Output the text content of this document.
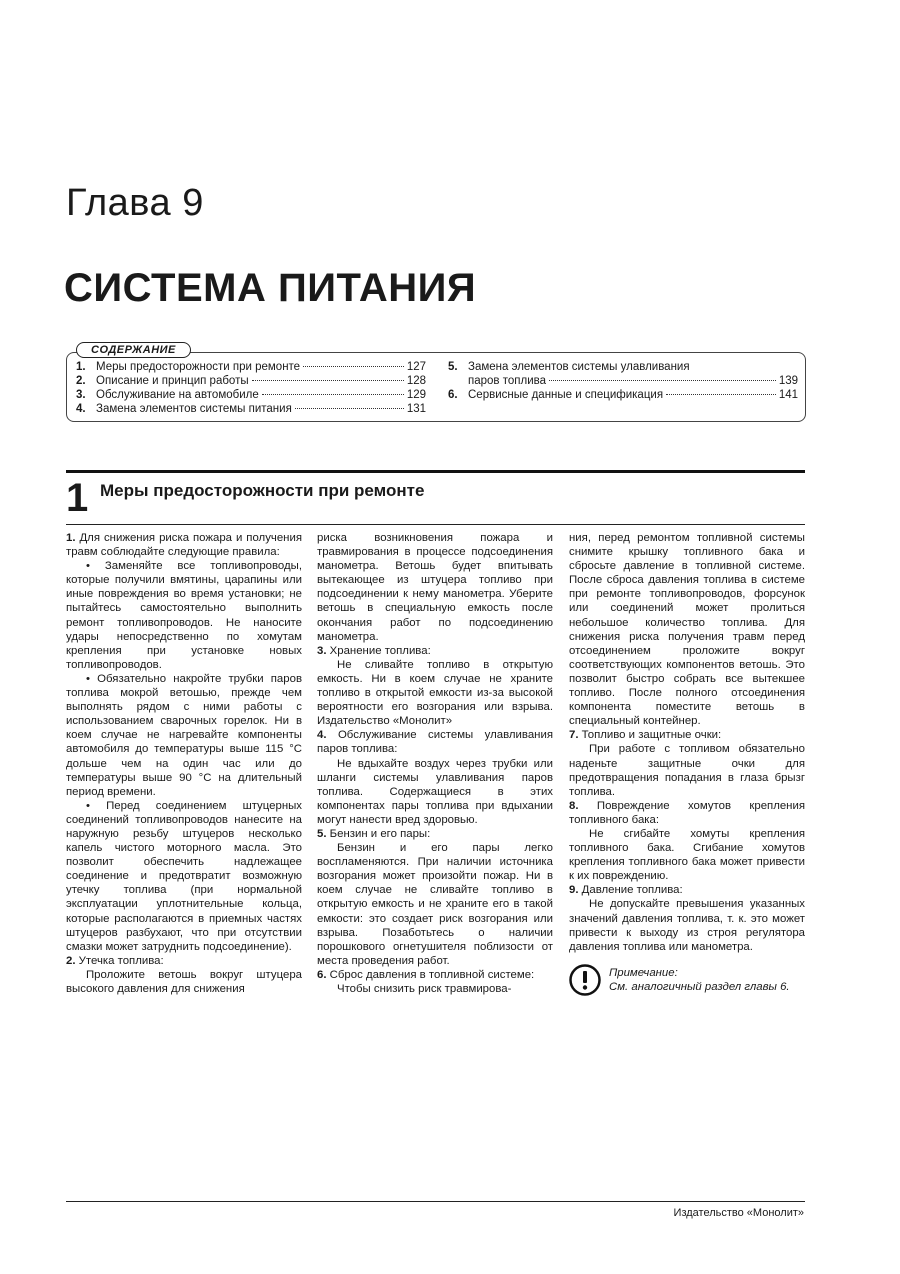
Глава 9
СИСТЕМА ПИТАНИЯ
СОДЕРЖАНИЕ
1. Меры предосторожности при ремонте	127
2. Описание и принцип работы	128
3. Обслуживание на автомобиле	129
4. Замена элементов системы питания	131
5. Замена элементов системы улавливания
паров топлива	139
6. Сервисные данные и спецификация	141
1 Меры предосторожности при ремонте

1. Для снижения риска пожара и получения травм соблюдайте следующие правила:

• Заменяйте все топливопроводы, которые получили вмятины, царапины или иные повреждения во время установки; не пытайтесь самостоятельно выполнить ремонт топливопроводов. Не наносите удары непосредственно по хомутам крепления при установке новых топливопроводов.

• Обязательно накройте трубки паров топлива мокрой ветошью, прежде чем выполнять рядом с ними работы с использованием сварочных горелок. Ни в коем случае не нагревайте компоненты автомобиля до температуры выше 115 °С дольше чем на один час или до температуры выше 90 °С на длительный период времени.

• Перед соединением штуцерных соединений топливопроводов нанесите на наружную резьбу штуцеров несколько капель чистого моторного масла. Это позволит обеспечить надлежащее соединение и предотвратит возможную утечку топлива (при нормальной эксплуатации уплотнительные кольца, которые располагаются в приемных частях штуцеров разбухают, что при отсутствии смазки может затруднить подсоединение).

2. Утечка топлива:

Проложите ветошь вокруг штуцера высокого давления для снижения

риска возникновения пожара и травмирования в процессе подсоединения манометра. Ветошь будет впитывать вытекающее из штуцера топливо при подсоединении к нему манометра. Уберите ветошь в специальную емкость после окончания работ по подсоединению манометра.

3. Хранение топлива:

Не сливайте топливо в открытую емкость. Ни в коем случае не храните топливо в открытой емкости из-за высокой вероятности его возгорания или взрыва. Издательство «Монолит»

4. Обслуживание системы улавливания паров топлива:

Не вдыхайте воздух через трубки или шланги системы улавливания паров топлива. Содержащиеся в этих компонентах пары топлива при вдыхании могут нанести вред здоровью.

5. Бензин и его пары:

Бензин и его пары легко воспламеняются. При наличии источника возгорания может произойти пожар. Ни в коем случае не сливайте топливо в открытую емкость и не храните его в такой емкости: это создает риск возгорания или взрыва. Позаботьтесь о наличии порошкового огнетушителя поблизости от места проведения работ.

6. Сброс давления в топливной системе:

Чтобы снизить риск травмирова-

ния, перед ремонтом топливной системы снимите крышку топливного бака и сбросьте давление в топливной системе. После сброса давления топлива в системе при ремонте топливопроводов, форсунок или соединений может пролиться небольшое количество топлива. Для снижения риска получения травм перед отсоединением проложите вокруг соответствующих компонентов ветошь. Это позволит быстро собрать все вытекшее топливо. После полного отсоединения компонента поместите ветошь в специальный контейнер.

7. Топливо и защитные очки:

При работе с топливом обязательно наденьте защитные очки для предотвращения попадания в глаза брызг топлива.

8. Повреждение хомутов крепления топливного бака:

Не сгибайте хомуты крепления топливного бака. Сгибание хомутов крепления топливного бака может привести к их повреждению.

9. Давление топлива:

Не допускайте превышения указанных значений давления топлива, т. к. это может привести к выходу из строя регулятора давления топлива или манометра.

Примечание:
См. аналогичный раздел главы 6.
Издательство «Монолит»
